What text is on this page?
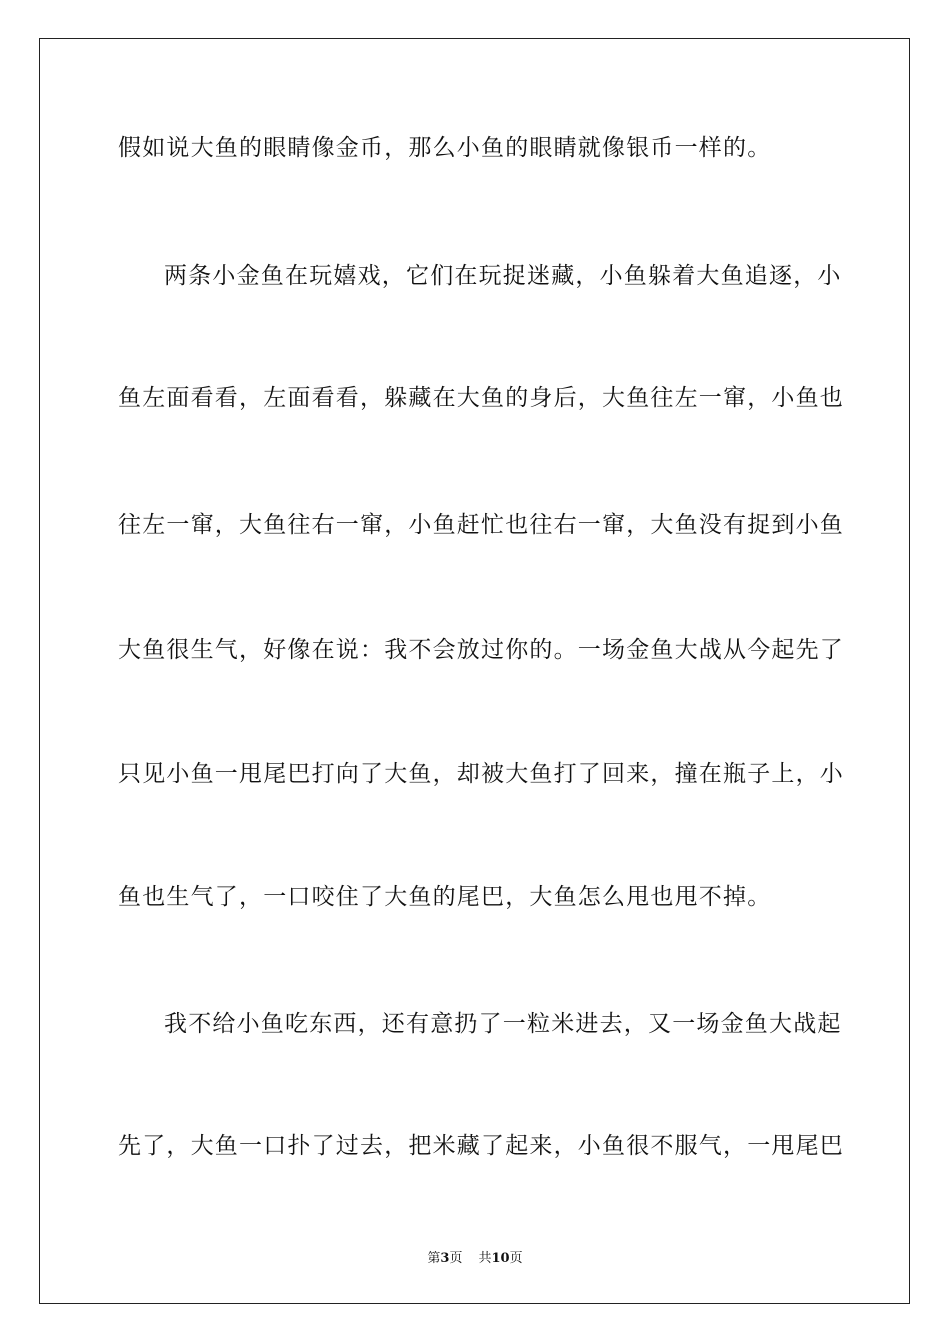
假如说大鱼的眼睛像金币，那么小鱼的眼睛就像银币一样的。
两条小金鱼在玩嬉戏，它们在玩捉迷藏，小鱼躲着大鱼追逐，小
鱼左面看看，左面看看，躲藏在大鱼的身后，大鱼往左一窜，小鱼也
往左一窜，大鱼往右一窜，小鱼赶忙也往右一窜，大鱼没有捉到小鱼
大鱼很生气，好像在说：我不会放过你的。一场金鱼大战从今起先了
只见小鱼一甩尾巴打向了大鱼，却被大鱼打了回来，撞在瓶子上，小
鱼也生气了，一口咬住了大鱼的尾巴，大鱼怎么甩也甩不掉。
我不给小鱼吃东西，还有意扔了一粒米进去，又一场金鱼大战起
先了，大鱼一口扑了过去，把米藏了起来，小鱼很不服气，一甩尾巴
第3页 共10页
